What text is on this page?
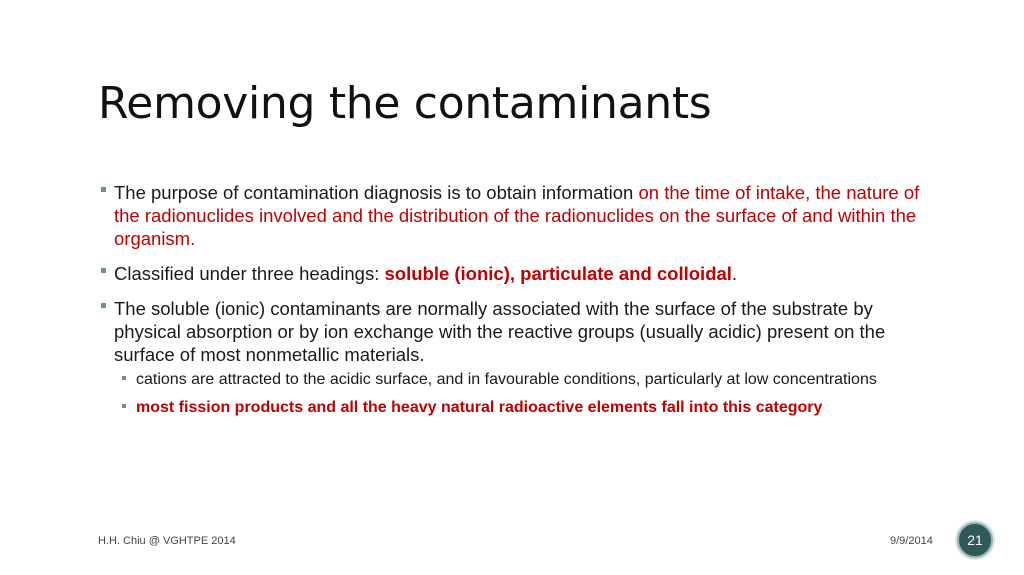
Removing the contaminants
The purpose of contamination diagnosis is to obtain information on the time of intake, the nature of the radionuclides involved and the distribution of the radionuclides on the surface of and within the organism.
Classified under three headings: soluble (ionic), particulate and colloidal.
The soluble (ionic) contaminants are normally associated with the surface of the substrate by physical absorption or by ion exchange with the reactive groups (usually acidic) present on the surface of most nonmetallic materials.
cations are attracted to the acidic surface, and in favourable conditions, particularly at low concentrations
most fission products and all the heavy natural radioactive elements fall into this category
H.H. Chiu @ VGHTPE 2014	9/9/2014 21
